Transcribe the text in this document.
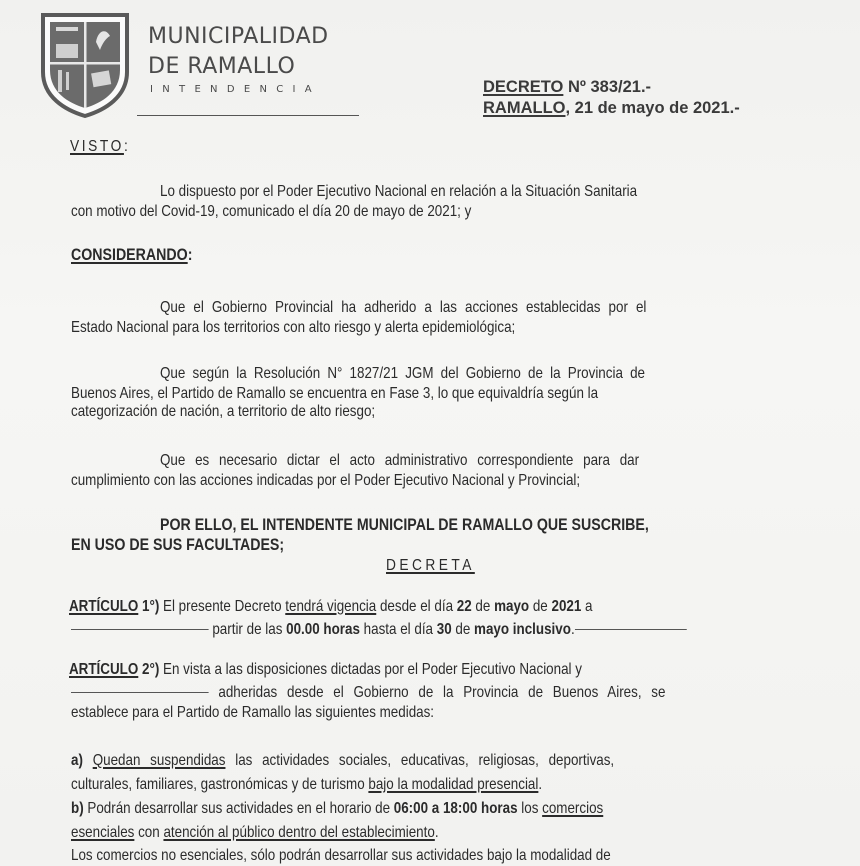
MUNICIPALIDAD
DE RAMALLO
INTENDENCIA	DECRETO Nº 383/21.-
RAMALLO, 21 de mayo de 2021.-
VISTO:
Lo dispuesto por el Poder Ejecutivo Nacional en relación a la Situación Sanitaria
con motivo del Covid-19, comunicado el día 20 de mayo de 2021; y
CONSIDERANDO:
Que el Gobierno Provincial ha adherido a las acciones establecidas por el
Estado Nacional para los territorios con alto riesgo y alerta epidemiológica;
Que según la Resolución N° 1827/21 JGM del Gobierno de la Provincia de
Buenos Aires, el Partido de Ramallo se encuentra en Fase 3, lo que equivaldría según la
categorización de nación, a territorio de alto riesgo;
Que es necesario dictar el acto administrativo correspondiente para dar
cumplimiento con las acciones indicadas por el Poder Ejecutivo Nacional y Provincial;
POR ELLO, EL INTENDENTE MUNICIPAL DE RAMALLO QUE SUSCRIBE,
EN USO DE SUS FACULTADES;
DECRETA
ARTÍCULO 1°) El presente Decreto tendrá vigencia desde el día 22 de mayo de 2021 a
partir de las 00.00 horas hasta el día 30 de mayo inclusivo.
ARTÍCULO 2°) En vista a las disposiciones dictadas por el Poder Ejecutivo Nacional y
adheridas desde el Gobierno de la Provincia de Buenos Aires, se
establece para el Partido de Ramallo las siguientes medidas:
a) Quedan suspendidas las actividades sociales, educativas, religiosas, deportivas,
culturales, familiares, gastronómicas y de turismo bajo la modalidad presencial.
b) Podrán desarrollar sus actividades en el horario de 06:00 a 18:00 horas los comercios
esenciales con atención al público dentro del establecimiento.
Los comercios no esenciales, sólo podrán desarrollar sus actividades bajo la modalidad de
